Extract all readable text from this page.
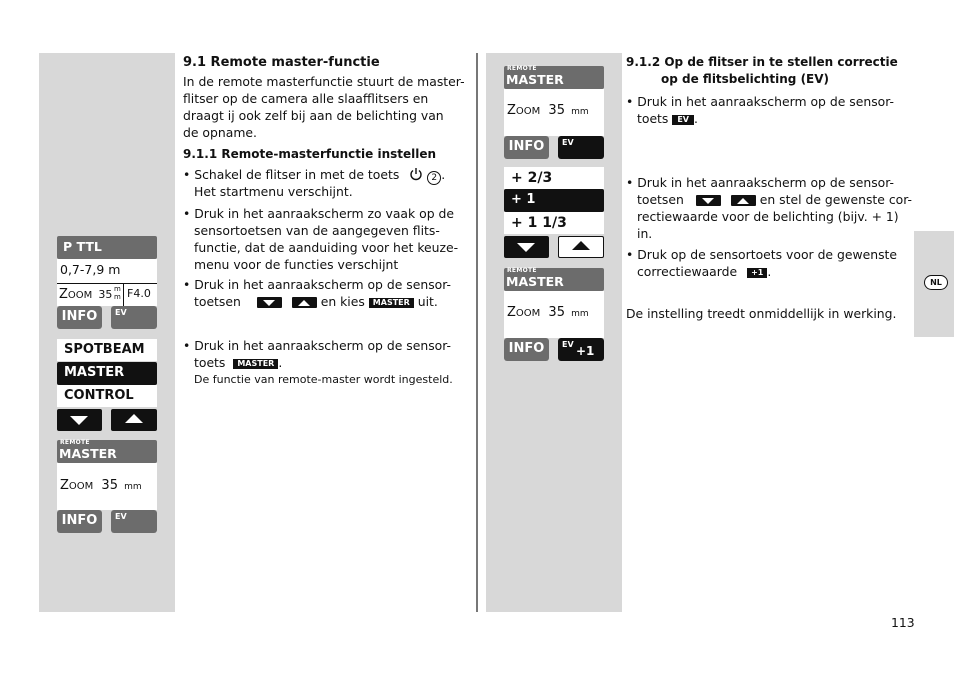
NL
9.1 Remote master-functie
In de remote masterfunctie stuurt de master-
flitser op de camera alle slaafflitsers en
draagt ij ook zelf bij aan de belichting van
de opname.
9.1.1 Remote-masterfunctie instellen
• Schakel de flitser in met de toets	2 .
Het startmenu verschijnt.
• Druk in het aanraakscherm zo vaak op de
sensortoetsen van de aangegeven flits-
functie, dat de aanduiding voor het keuze-
menu voor de functies verschijnt
• Druk in het aanraakscherm op de sensor-
toetsen
	en kies MASTER uit.
• Druk in het aanraakscherm op de sensor-
toets MASTER .
De functie van remote-master wordt ingesteld.
9.1.2 Op de flitser in te stellen correctie
op de flitsbelichting (EV)
• Druk in het aanraakscherm op de sensor-
toets EV .
• Druk in het aanraakscherm op de sensor-
toetsen
	en stel de gewenste cor-
rectiewaarde voor de belichting (bijv. + 1)
in.
• Druk op de sensortoets voor de gewenste
correctiewaarde +1 .
De instelling treedt onmiddellijk in werking.
113
P TTL
0,7-7,9 m
ZOOM 35 m
m F4.0
INFO	EV
SPOTBEAM
MASTER
CONTROL
REMOTE
MASTER
ZOOM 35 mm
INFO	EV
REMOTE
MASTER
ZOOM 35 mm
INFO	EV
+ 2/3
+ 1
+ 1 1/3
REMOTE
MASTER
ZOOM 35 mm
INFO	EV +1
